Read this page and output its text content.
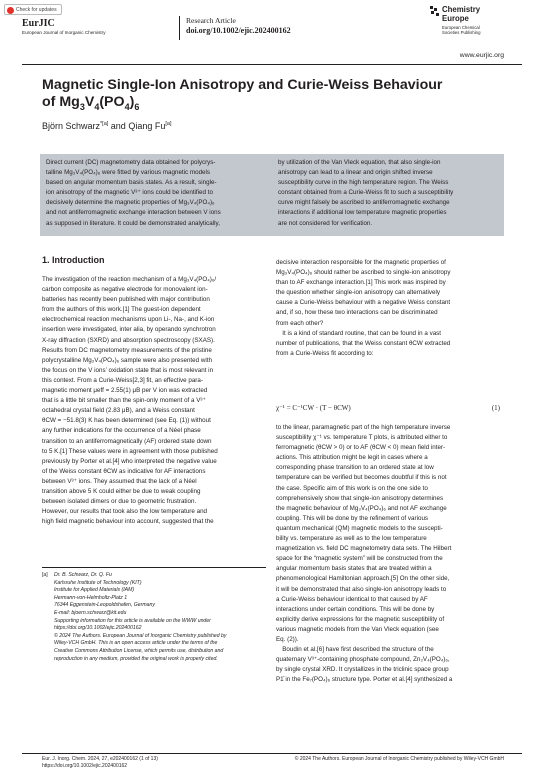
Check for updates
EurJIC
European Journal of Inorganic Chemistry
Research Article
doi.org/10.1002/ejic.202400162
Chemistry
Europe
European Chemical
Societies Publishing
www.eurjic.org
Magnetic Single-Ion Anisotropy and Curie-Weiss Behaviour
of $Mg_3V_4(PO_4)_6$
Björn Schwarz$^{*[a]}$ and Qiang Fu[a]
Direct current (DC) magnetometry data obtained for polycrys-
talline Mg₃V₄(PO₄)₆ were fitted by various magnetic models
based on angular momentum basis states. As a result, single-
ion anisotropy of the magnetic V³⁺ ions could be identified to
decisively determine the magnetic properties of Mg₃V₄(PO₄)₆
and not antiferromagnetic exchange interaction between V ions
as supposed in literature. It could be demonstrated analytically,
by utilization of the Van Vleck equation, that also single-ion
anisotropy can lead to a linear and origin shifted inverse
susceptibility curve in the high temperature region. The Weiss
constant obtained from a Curie-Weiss fit to such a susceptibility
curve might falsely be ascribed to antiferromagnetic exchange
interactions if additional low temperature magnetic properties
are not considered for verification.
1. Introduction
The investigation of the reaction mechanism of a Mg₃V₄(PO₄)₆/
carbon composite as negative electrode for monovalent ion-
batteries has recently been published with major contribution
from the authors of this work.[1] The guest-ion dependent
electrochemical reaction mechanisms upon Li-, Na-, and K-ion
insertion were investigated, inter alia, by operando synchrotron
X-ray diffraction (SXRD) and absorption spectroscopy (SXAS).
Results from DC magnetometry measurements of the pristine
polycrystalline Mg₃V₄(PO₄)₆ sample were also presented with
the focus on the V ions’ oxidation state that is most relevant in
this context. From a Curie-Weiss[2,3] fit, an effective para-
magnetic moment μeff = 2.55(1) μB per V ion was extracted
that is a little bit smaller than the spin-only moment of a V³⁺
octahedral crystal field (2.83 μB), and a Weiss constant
θCW = −51.8(3) K has been determined (see Eq. (1)) without
any further indications for the occurrence of a Néel phase
transition to an antiferromagnetically (AF) ordered state down
to 5 K.[1] These values were in agreement with those published
previously by Porter et al.[4] who interpreted the negative value
of the Weiss constant θCW as indicative for AF interactions
between V³⁺ ions. They assumed that the lack of a Néel
transition above 5 K could either be due to weak coupling
between isolated dimers or due to geometric frustration.
However, our results that took also the low temperature and
high field magnetic behaviour into account, suggested that the
decisive interaction responsible for the magnetic properties of
Mg₃V₄(PO₄)₆ should rather be ascribed to single-ion anisotropy
than to AF exchange interaction.[1] This work was inspired by
the question whether single-ion anisotropy can alternatively
cause a Curie-Weiss behaviour with a negative Weiss constant
and, if so, how these two interactions can be discriminated
from each other?
 It is a kind of standard routine, that can be found in a vast
number of publications, that the Weiss constant θCW extracted
from a Curie-Weiss fit according to:
χ⁻¹ = C⁻¹CW · (T − θCW)	(1)
to the linear, paramagnetic part of the high temperature inverse
susceptibility χ⁻¹ vs. temperature T plots, is attributed either to
ferromagnetic (θCW > 0) or to AF (θCW < 0) mean field inter-
actions. This attribution might be legit in cases where a
corresponding phase transition to an ordered state at low
temperature can be verified but becomes doubtful if this is not
the case. Specific aim of this work is on the one side to
comprehensively show that single-ion anisotropy determines
the magnetic behaviour of Mg₃V₄(PO₄)₆ and not AF exchange
coupling. This will be done by the refinement of various
quantum mechanical (QM) magnetic models to the suscepti-
bility vs. temperature as well as to the low temperature
magnetization vs. field DC magnetometry data sets. The Hilbert
space for the “magnetic system” will be constructed from the
angular momentum basis states that are treated within a
phenomenological Hamiltonian approach.[5] On the other side,
it will be demonstrated that also single-ion anisotropy leads to
a Curie-Weiss behaviour identical to that caused by AF
interactions under certain conditions. This will be done by
explicitly derive expressions for the magnetic susceptibility of
various magnetic models from the Van Vleck equation (see
Eq. (2)).
 Boudin et al.[6] have first described the structure of the
quaternary V³⁺-containing phosphate compound, Zn₃V₄(PO₄)₆,
by single crystal XRD. It crystallizes in the triclinic space group
P1̄ in the Fe₇(PO₄)₆ structure type. Porter et al.[4] synthesized a
[a] Dr. B. Schwarz, Dr. Q. Fu
Karlsruhe Institute of Technology (KIT)
Institute for Applied Materials (IAM)
Hermann-von-Helmholtz-Platz 1
76344 Eggenstein-Leopoldshafen, Germany
E-mail: bjoern.schwarz@kit.edu
Supporting information for this article is available on the WWW under
https://doi.org/10.1002/ejic.202400162
© 2024 The Authors. European Journal of Inorganic Chemistry published by
Wiley-VCH GmbH. This is an open access article under the terms of the
Creative Commons Attribution License, which permits use, distribution and
reproduction in any medium, provided the original work is properly cited.
Eur. J. Inorg. Chem. 2024, 27, e202400162 (1 of 13)
https://doi.org/10.1002/ejic.202400162
© 2024 The Authors. European Journal of Inorganic Chemistry published by Wiley-VCH GmbH
